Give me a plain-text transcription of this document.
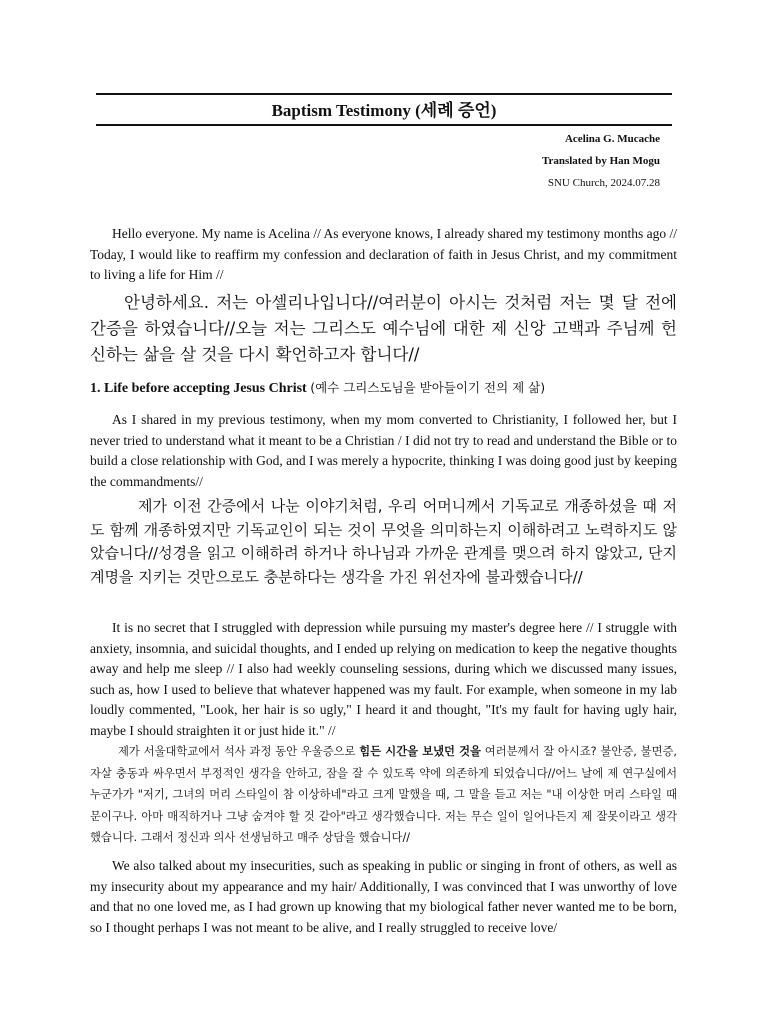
Baptism Testimony (세례 증언)
Acelina G. Mucache
Translated by Han Mogu
SNU Church, 2024.07.28

Hello everyone. My name is Acelina // As everyone knows, I already shared my testimony months ago // Today, I would like to reaffirm my confession and declaration of faith in Jesus Christ, and my commitment to living a life for Him //

안녕하세요. 저는 아셀리나입니다//여러분이 아시는 것처럼 저는 몇 달 전에 간증을 하였습니다//오늘 저는 그리스도 예수님에 대한 제 신앙 고백과 주님께 헌신하는 삶을 살 것을 다시 확언하고자 합니다//

1. Life before accepting Jesus Christ (예수 그리스도님을 받아들이기 전의 제 삶)

As I shared in my previous testimony, when my mom converted to Christianity, I followed her, but I never tried to understand what it meant to be a Christian / I did not try to read and understand the Bible or to build a close relationship with God, and I was merely a hypocrite, thinking I was doing good just by keeping the commandments//

제가 이전 간증에서 나눈 이야기처럼, 우리 어머니께서 기독교로 개종하셨을 때 저도 함께 개종하였지만 기독교인이 되는 것이 무엇을 의미하는지 이해하려고 노력하지도 않았습니다//성경을 읽고 이해하려 하거나 하나님과 가까운 관계를 맺으려 하지 않았고, 단지 계명을 지키는 것만으로도 충분하다는 생각을 가진 위선자에 불과했습니다//

It is no secret that I struggled with depression while pursuing my master's degree here // I struggle with anxiety, insomnia, and suicidal thoughts, and I ended up relying on medication to keep the negative thoughts away and help me sleep // I also had weekly counseling sessions, during which we discussed many issues, such as, how I used to believe that whatever happened was my fault. For example, when someone in my lab loudly commented, "Look, her hair is so ugly," I heard it and thought, "It's my fault for having ugly hair, maybe I should straighten it or just hide it." //

제가 서울대학교에서 석사 과정 동안 우울증으로 힘든 시간을 보냈던 것을 여러분께서 잘 아시죠? 불안증, 불면증, 자살 충동과 싸우면서 부정적인 생각을 안하고, 잠을 잘 수 있도록 약에 의존하게 되었습니다//어느 날에 제 연구실에서 누군가가 "저기, 그녀의 머리 스타일이 참 이상하네"라고 크게 말했을 때, 그 말을 듣고 저는 "내 이상한 머리 스타일 때문이구나. 아마 매직하거나 그냥 숨겨야 할 것 같아"라고 생각했습니다. 저는 무슨 일이 일어나든지 제 잘못이라고 생각했습니다. 그래서 정신과 의사 선생님하고 매주 상담을 했습니다//

We also talked about my insecurities, such as speaking in public or singing in front of others, as well as my insecurity about my appearance and my hair/ Additionally, I was convinced that I was unworthy of love and that no one loved me, as I had grown up knowing that my biological father never wanted me to be born, so I thought perhaps I was not meant to be alive, and I really struggled to receive love/
